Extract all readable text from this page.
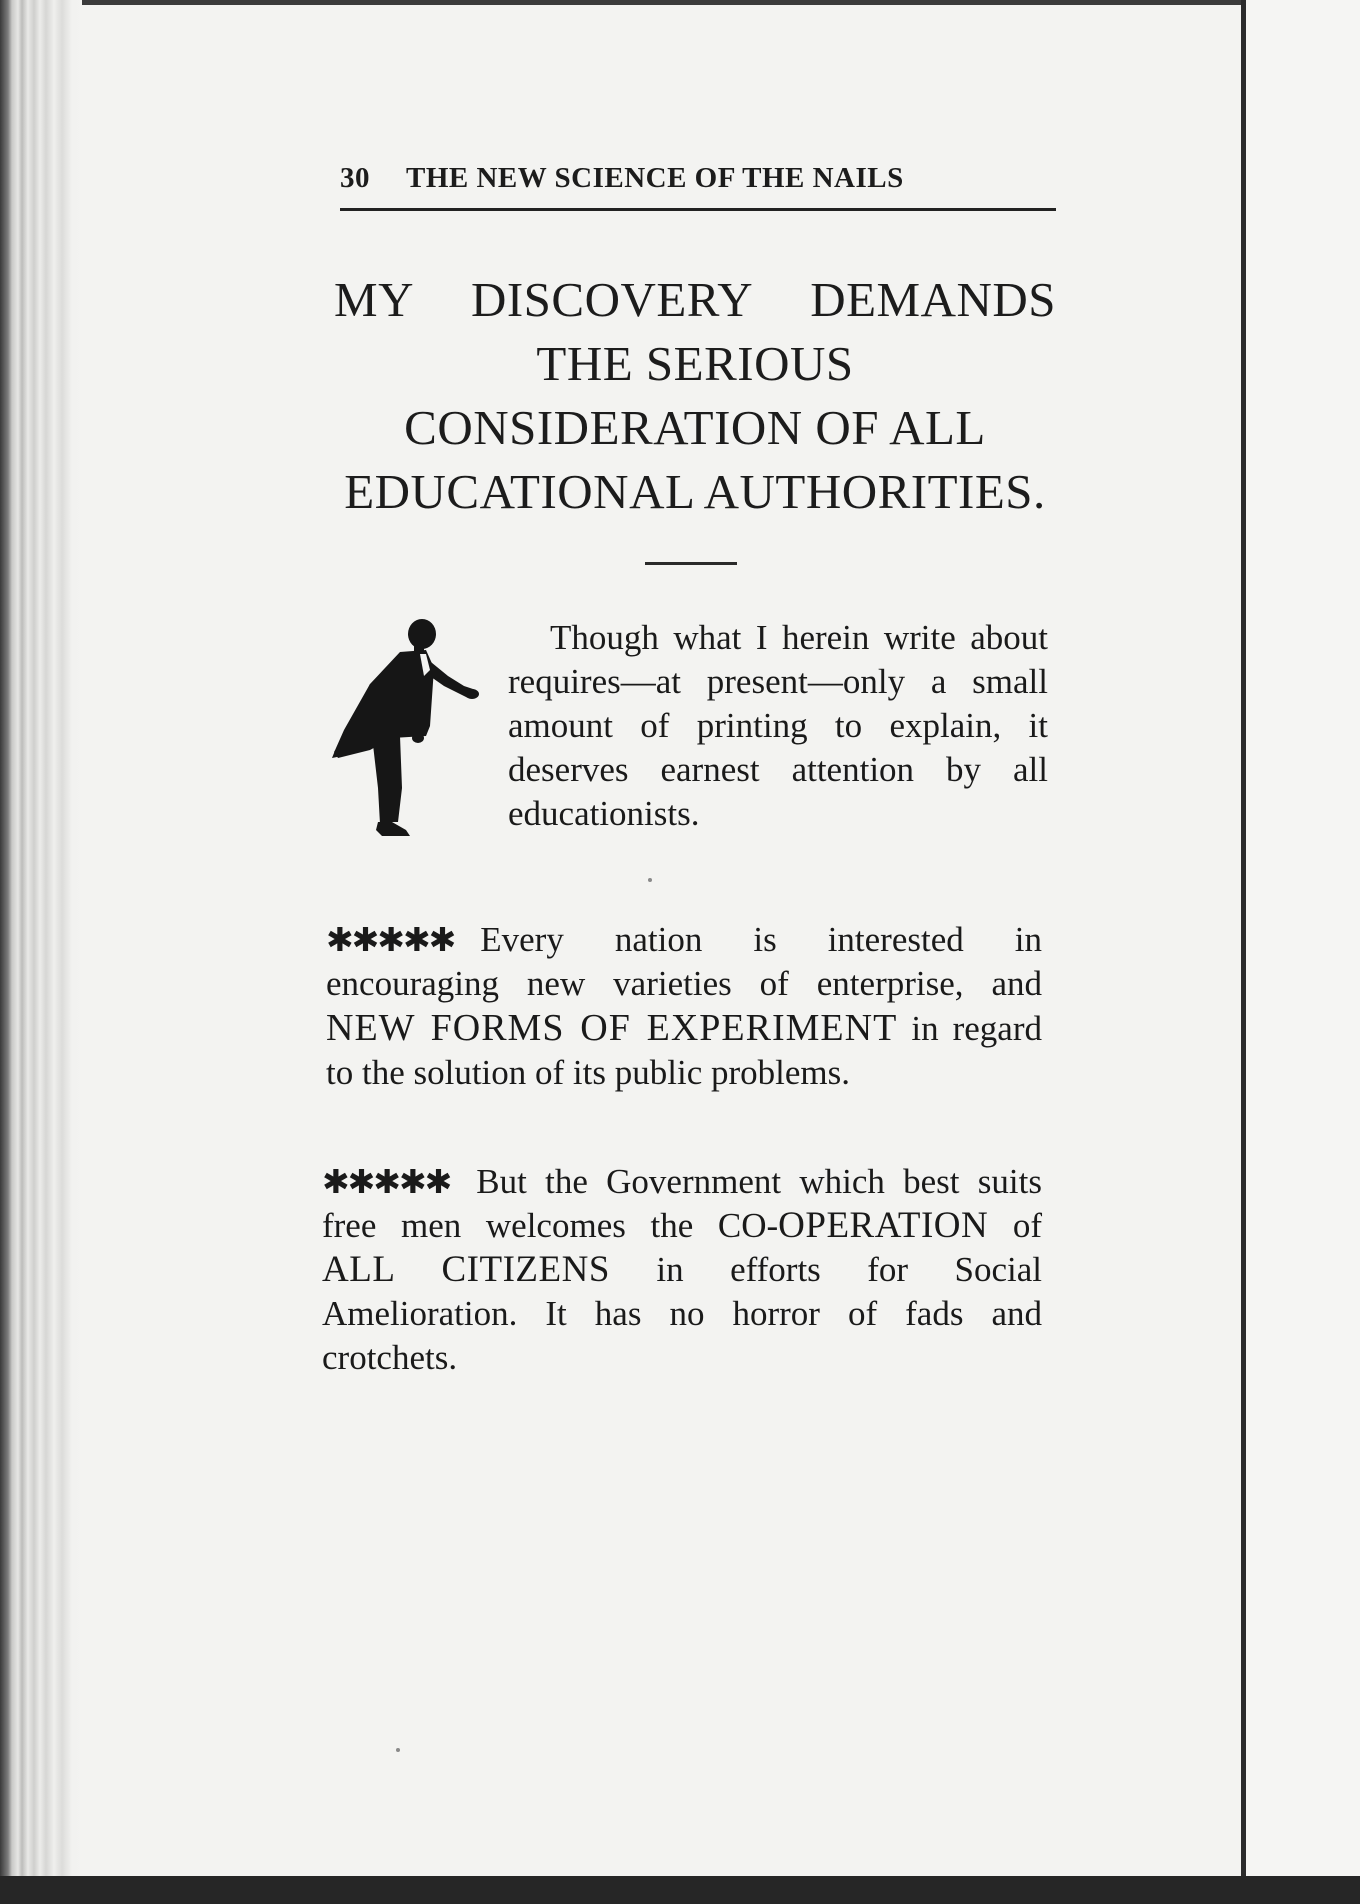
30 THE NEW SCIENCE OF THE NAILS
MY DISCOVERY DEMANDS
THE SERIOUS
CONSIDERATION OF ALL
EDUCATIONAL AUTHORITIES.
Though what I herein write about requires—at present—only a small amount of printing to explain, it deserves earnest attention by all educationists.
✱✱✱✱✱ Every nation is interested in encouraging new varieties of enterprise, and NEW FORMS OF EXPERIMENT in regard to the solution of its public problems.
✱✱✱✱✱ But the Government which best suits free men welcomes the CO-OPERATION of ALL CITIZENS in efforts for Social Amelioration. It has no horror of fads and crotchets.
